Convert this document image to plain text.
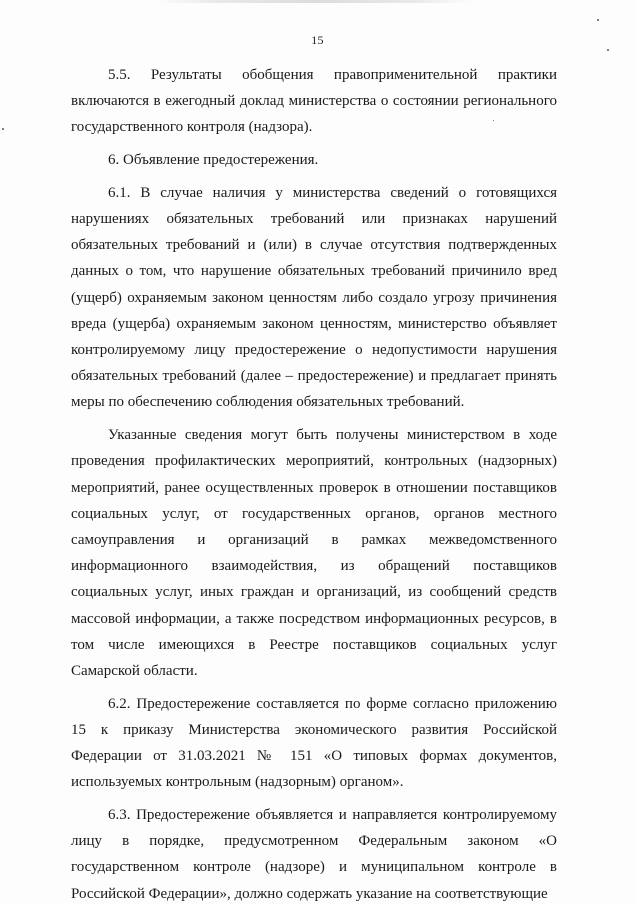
15

5.5. Результаты обобщения правоприменительной практики включаются в ежегодный доклад министерства о состоянии регионального государственного контроля (надзора).

6. Объявление предостережения.

6.1. В случае наличия у министерства сведений о готовящихся нарушениях обязательных требований или признаках нарушений обязательных требований и (или) в случае отсутствия подтвержденных данных о том, что нарушение обязательных требований причинило вред (ущерб) охраняемым законом ценностям либо создало угрозу причинения вреда (ущерба) охраняемым законом ценностям, министерство объявляет контролируемому лицу предостережение о недопустимости нарушения обязательных требований (далее – предостережение) и предлагает принять меры по обеспечению соблюдения обязательных требований.

Указанные сведения могут быть получены министерством в ходе проведения профилактических мероприятий, контрольных (надзорных) мероприятий, ранее осуществленных проверок в отношении поставщиков социальных услуг, от государственных органов, органов местного самоуправления и организаций в рамках межведомственного информационного взаимодействия, из обращений поставщиков социальных услуг, иных граждан и организаций, из сообщений средств массовой информации, а также посредством информационных ресурсов, в том числе имеющихся в Реестре поставщиков социальных услуг Самарской области.

6.2. Предостережение составляется по форме согласно приложению 15 к приказу Министерства экономического развития Российской Федерации от 31.03.2021 № 151 «О типовых формах документов, используемых контрольным (надзорным) органом».

6.3. Предостережение объявляется и направляется контролируемому лицу в порядке, предусмотренном Федеральным законом «О государственном контроле (надзоре) и муниципальном контроле в Российской Федерации», должно содержать указание на соответствующие
